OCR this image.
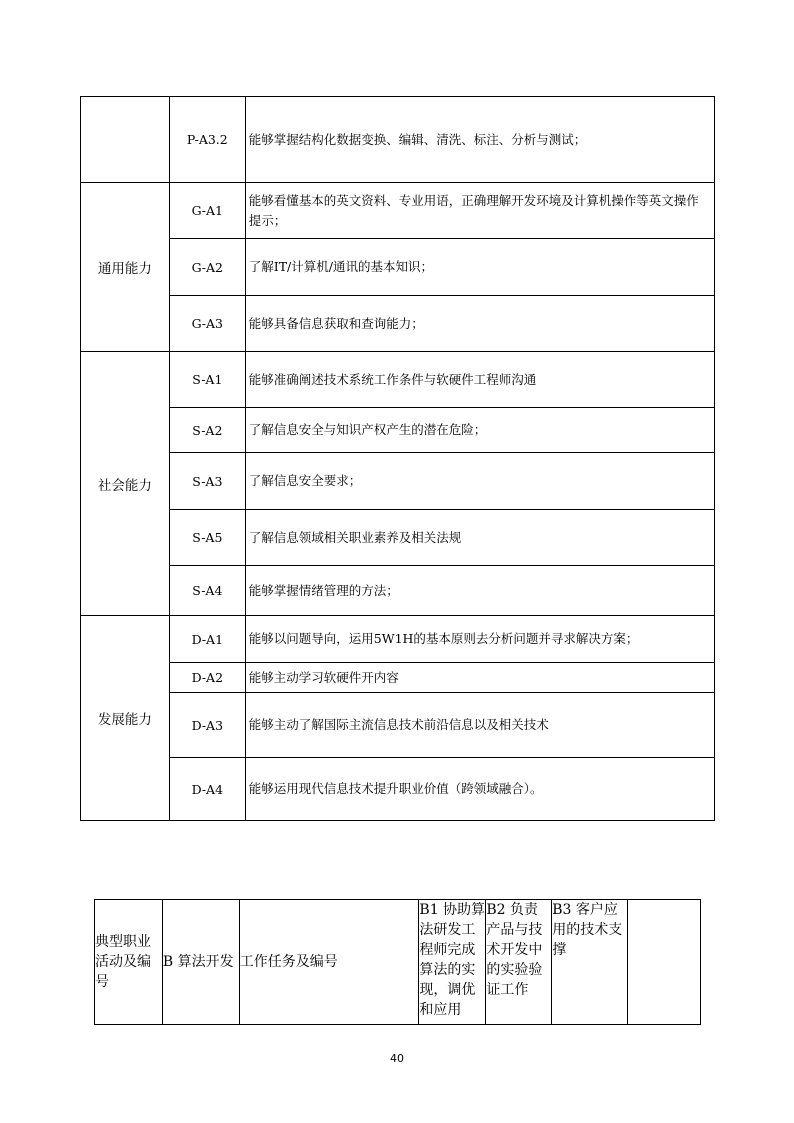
	P-A3.2	能够掌握结构化数据变换、编辑、清洗、标注、分析与测试；
通用能力	G-A1	能够看懂基本的英文资料、专业用语，正确理解开发环境及计算机操作等英文操作提示；
	G-A2	了解IT/计算机/通讯的基本知识；
	G-A3	能够具备信息获取和查询能力；
社会能力	S-A1	能够准确阐述技术系统工作条件与软硬件工程师沟通
	S-A2	了解信息安全与知识产权产生的潜在危险；
	S-A3	了解信息安全要求；
	S-A5	了解信息领域相关职业素养及相关法规
	S-A4	能够掌握情绪管理的方法；
发展能力	D-A1	能够以问题导向，运用5W1H的基本原则去分析问题并寻求解决方案；
	D-A2	能够主动学习软硬件开内容
	D-A3	能够主动了解国际主流信息技术前沿信息以及相关技术
	D-A4	能够运用现代信息技术提升职业价值（跨领域融合）。
典型职业活动及编号	B 算法开发	工作任务及编号	B1 协助算法研发工程师完成算法的实现，调优和应用	B2 负责产品与技术开发中的实验验证工作	B3 客户应用的技术支撑	
40
